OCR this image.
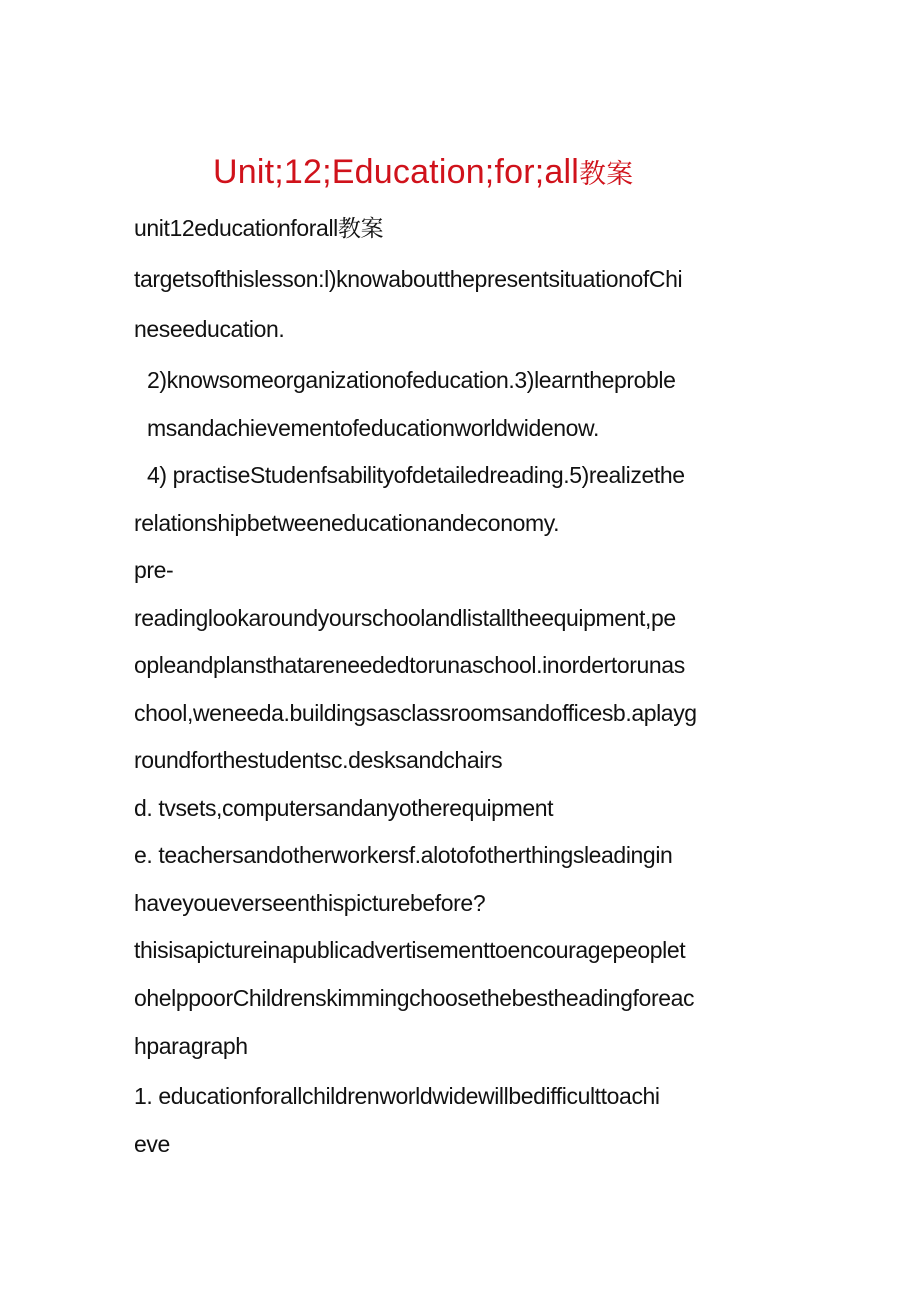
Unit;12;Education;for;all教案
unit12educationforall教案
targetsofthislesson:l)knowaboutthepresentsituationofChi
neseeducation.
2)knowsomeorganizationofeducation.3)learntheproble
msandachievementofeducationworldwidenow.
4) practiseStudenfsabilityofdetailedreading.5)realizethe
relationshipbetweeneducationandeconomy.
pre-
readinglookaroundyourschoolandlistalltheequipment,pe
opleandplansthatareneededtorunaschool.inordertorunas
chool,weneeda.buildingsasclassroomsandofficesb.aplayg
roundforthestudentsc.desksandchairs
d. tvsets,computersandanyotherequipment
e. teachersandotherworkersf.alotofotherthingsleadingin
haveyoueverseenthispicturebefore?
thisisapictureinapublicadvertisementtoencouragepeoplet
ohelppoorChildrenskimmingchoosethebestheadingforeac
hparagraph
1. educationforallchildrenworldwidewillbedifficulttoachi
eve
